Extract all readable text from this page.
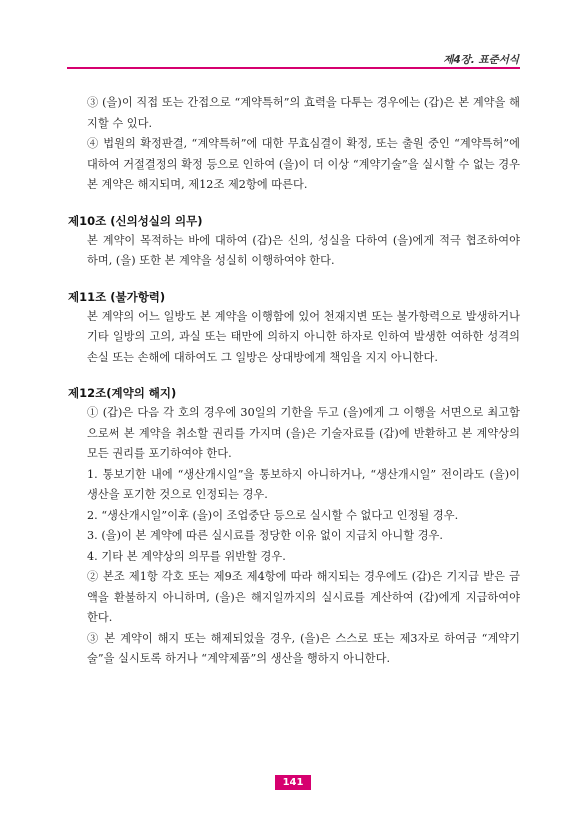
제4장. 표준서식

③ (을)이 직접 또는 간접으로 “계약특허”의 효력을 다투는 경우에는 (갑)은 본 계약을 해지할 수 있다.

④ 법원의 확정판결, “계약특허”에 대한 무효심결이 확정, 또는 출원 중인 “계약특허”에 대하여 거절결정의 확정 등으로 인하여 (을)이 더 이상 “계약기술”을 실시할 수 없는 경우 본 계약은 해지되며, 제12조 제2항에 따른다.

제10조 (신의성실의 의무)

본 계약이 목적하는 바에 대하여 (갑)은 신의, 성실을 다하여 (을)에게 적극 협조하여야 하며, (을) 또한 본 계약을 성실히 이행하여야 한다.

제11조 (불가항력)

본 계약의 어느 일방도 본 계약을 이행함에 있어 천재지변 또는 불가항력으로 발생하거나 기타 일방의 고의, 과실 또는 태만에 의하지 아니한 하자로 인하여 발생한 여하한 성격의 손실 또는 손해에 대하여도 그 일방은 상대방에게 책임을 지지 아니한다.

제12조(계약의 해지)

① (갑)은 다음 각 호의 경우에 30일의 기한을 두고 (을)에게 그 이행을 서면으로 최고함으로써 본 계약을 취소할 권리를 가지며 (을)은 기술자료를 (갑)에 반환하고 본 계약상의 모든 권리를 포기하여야 한다.

1. 통보기한 내에 “생산개시일”을 통보하지 아니하거나, “생산개시일” 전이라도 (을)이 생산을 포기한 것으로 인정되는 경우.

2. “생산개시일”이후 (을)이 조업중단 등으로 실시할 수 없다고 인정될 경우.

3. (을)이 본 계약에 따른 실시료를 정당한 이유 없이 지급치 아니할 경우.

4. 기타 본 계약상의 의무를 위반할 경우.

② 본조 제1항 각호 또는 제9조 제4항에 따라 해지되는 경우에도 (갑)은 기지급 받은 금액을 환불하지 아니하며, (을)은 해지일까지의 실시료를 계산하여 (갑)에게 지급하여야 한다.

③ 본 계약이 해지 또는 해제되었을 경우, (을)은 스스로 또는 제3자로 하여금 “계약기술”을 실시토록 하거나 “계약제품”의 생산을 행하지 아니한다.

141
